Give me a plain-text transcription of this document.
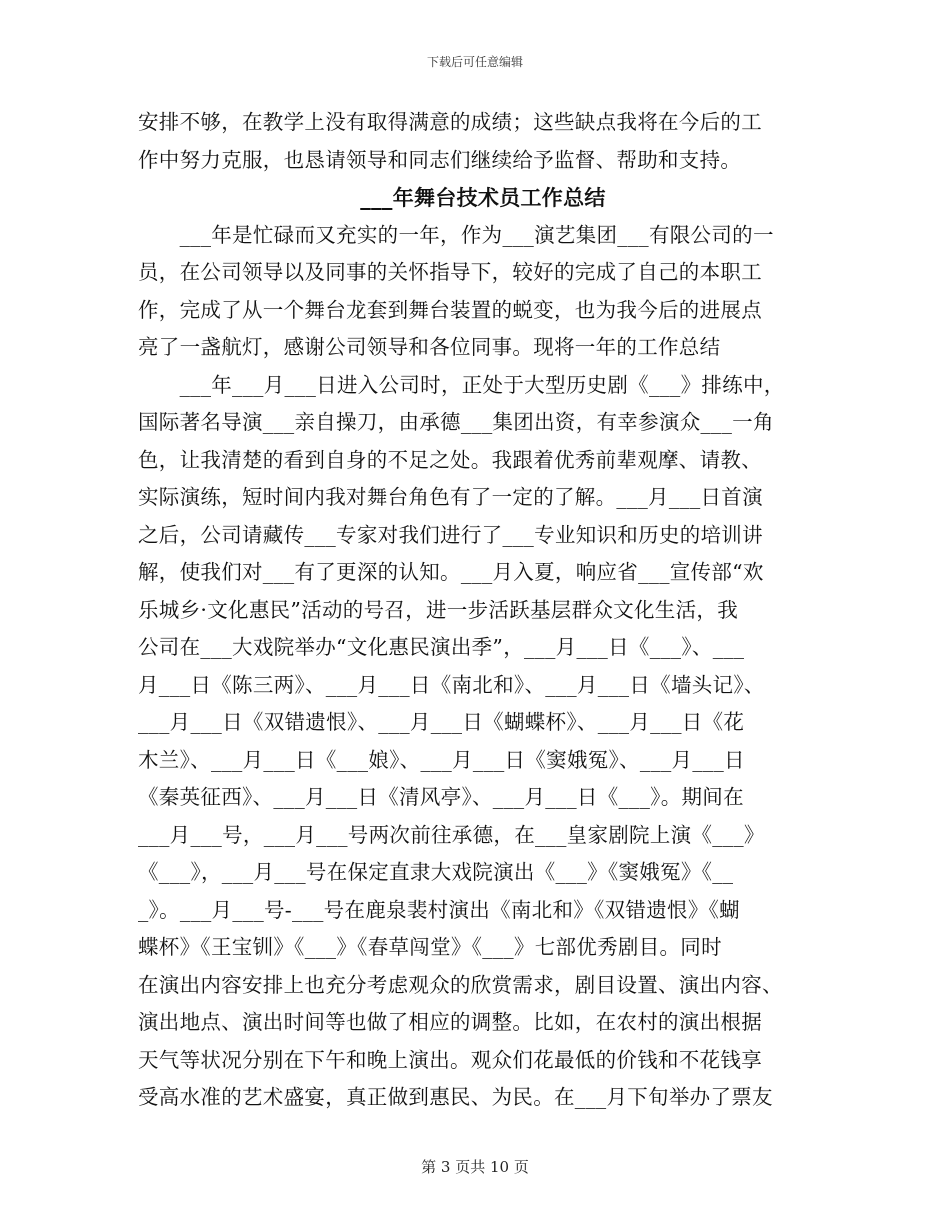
下载后可任意编辑
安排不够，在教学上没有取得满意的成绩；这些缺点我将在今后的工
作中努力克服，也恳请领导和同志们继续给予监督、帮助和支持。
___年舞台技术员工作总结
　　___年是忙碌而又充实的一年，作为___演艺集团___有限公司的一
员，在公司领导以及同事的关怀指导下，较好的完成了自己的本职工
作，完成了从一个舞台龙套到舞台装置的蜕变，也为我今后的进展点
亮了一盏航灯，感谢公司领导和各位同事。现将一年的工作总结
　　___年___月___日进入公司时，正处于大型历史剧《___》排练中，
国际著名导演___亲自操刀，由承德___集团出资，有幸参演众___一角
色，让我清楚的看到自身的不足之处。我跟着优秀前辈观摩、请教、
实际演练，短时间内我对舞台角色有了一定的了解。___月___日首演
之后，公司请藏传___专家对我们进行了___专业知识和历史的培训讲
解，使我们对___有了更深的认知。___月入夏，响应省___宣传部“欢
乐城乡·文化惠民”活动的号召，进一步活跃基层群众文化生活，我
公司在___大戏院举办“文化惠民演出季”，___月___日《___》、___
月___日《陈三两》、___月___日《南北和》、___月___日《墙头记》、
___月___日《双错遗恨》、___月___日《蝴蝶杯》、___月___日《花
木兰》、___月___日《___娘》、___月___日《窦娥冤》、___月___日
《秦英征西》、___月___日《清风亭》、___月___日《___》。期间在
___月___号，___月___号两次前往承德，在___皇家剧院上演《___》
《___》，___月___号在保定直隶大戏院演出《___》《窦娥冤》《__
_》。___月___号-___号在鹿泉裴村演出《南北和》《双错遗恨》《蝴
蝶杯》《王宝钏》《___》《春草闯堂》《___》七部优秀剧目。同时
在演出内容安排上也充分考虑观众的欣赏需求，剧目设置、演出内容、
演出地点、演出时间等也做了相应的调整。比如，在农村的演出根据
天气等状况分别在下午和晚上演出。观众们花最低的价钱和不花钱享
受高水准的艺术盛宴，真正做到惠民、为民。在___月下旬举办了票友
第 3 页共 10 页
